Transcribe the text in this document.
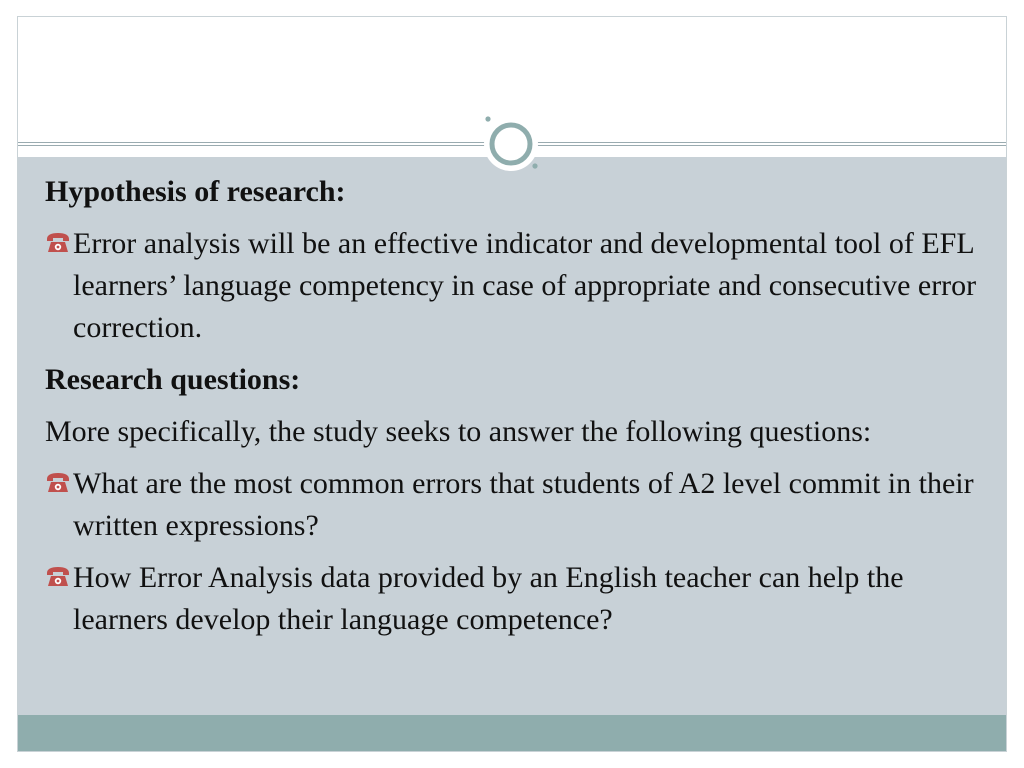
Hypothesis of research:

Error analysis will be an effective indicator and developmental tool of EFL learners’ language competency in case of appropriate and consecutive error correction.

Research questions:

More specifically, the study seeks to answer the following questions:

What are the most common errors that students of A2 level commit in their written expressions?

How Error Analysis data provided by an English teacher can help the learners develop their language competence?
